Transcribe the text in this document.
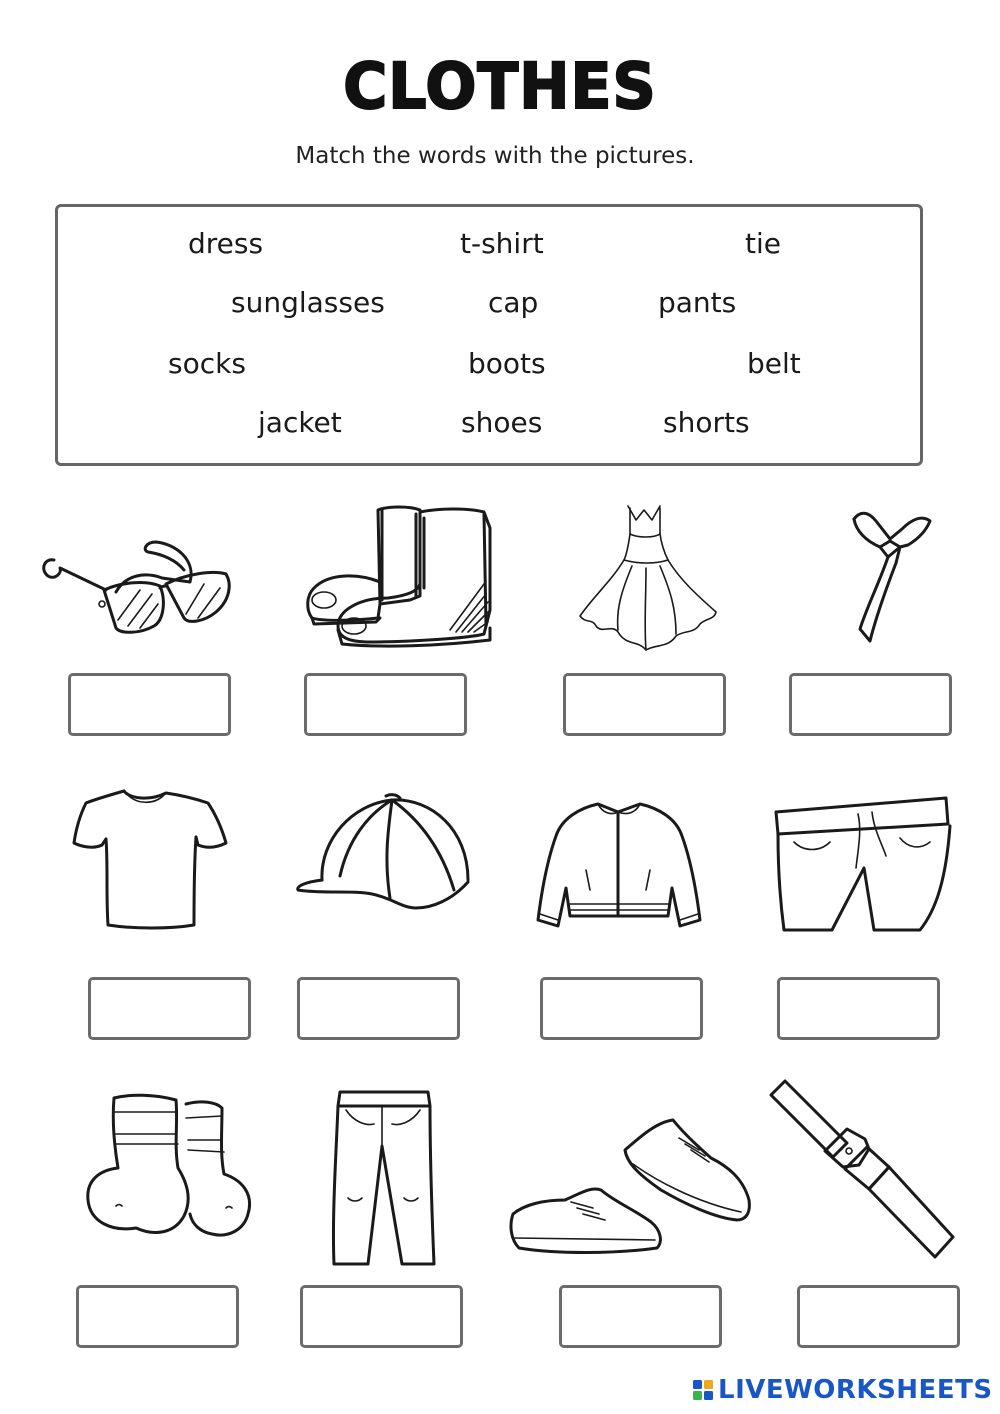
CLOTHES
Match the words with the pictures.
dress	t-shirt	tie
sunglasses	cap	pants
socks	boots	belt
jacket	shoes	shorts
LIVEWORKSHEETS
